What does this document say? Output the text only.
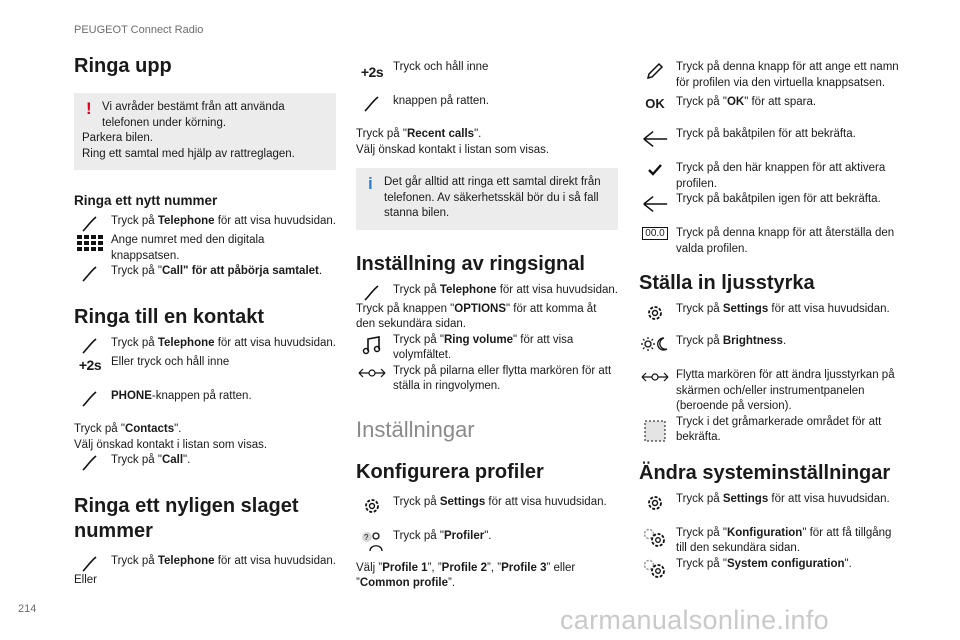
PEUGEOT Connect Radio
214	carmanualsonline.info
Ringa upp
! Vi avråder bestämt från att använda telefonen under körning.
Parkera bilen.
Ring ett samtal med hjälp av rattreglagen.
Ringa ett nytt nummer
Tryck på Telephone för att visa huvudsidan.
Ange numret med den digitala knappsatsen.
Tryck på "Call" för att påbörja samtalet.
Ringa till en kontakt
Tryck på Telephone för att visa huvudsidan.
+2s Eller tryck och håll inne
PHONE-knappen på ratten.
Tryck på "Contacts".
Välj önskad kontakt i listan som visas.
Tryck på "Call".
Ringa ett nyligen slaget nummer
Tryck på Telephone för att visa huvudsidan.
Eller
+2s Tryck och håll inne
knappen på ratten.
Tryck på "Recent calls".
Välj önskad kontakt i listan som visas.
i Det går alltid att ringa ett samtal direkt från telefonen. Av säkerhetsskäl bör du i så fall stanna bilen.
Inställning av ringsignal
Tryck på Telephone för att visa huvudsidan.
Tryck på knappen "OPTIONS" för att komma åt den sekundära sidan.
Tryck på "Ring volume" för att visa volymfältet.
Tryck på pilarna eller flytta markören för att ställa in ringvolymen.
Inställningar
Konfigurera profiler
Tryck på Settings för att visa huvudsidan.
? Tryck på "Profiler".
Välj ”Profile 1”, ”Profile 2”, ”Profile 3” eller ”Common profile”.
Tryck på denna knapp för att ange ett namn för profilen via den virtuella knappsatsen.
OK Tryck på "OK" för att spara.
Tryck på bakåtpilen för att bekräfta.
Tryck på den här knappen för att aktivera profilen.
Tryck på bakåtpilen igen för att bekräfta.
00.0 Tryck på denna knapp för att återställa den valda profilen.
Ställa in ljusstyrka
Tryck på Settings för att visa huvudsidan.
Tryck på Brightness.
Flytta markören för att ändra ljusstyrkan på skärmen och/eller instrumentpanelen (beroende på version).
Tryck i det gråmarkerade området för att bekräfta.
Ändra systeminställningar
Tryck på Settings för att visa huvudsidan.
Tryck på "Konfiguration" för att få tillgång till den sekundära sidan.
Tryck på "System configuration".
